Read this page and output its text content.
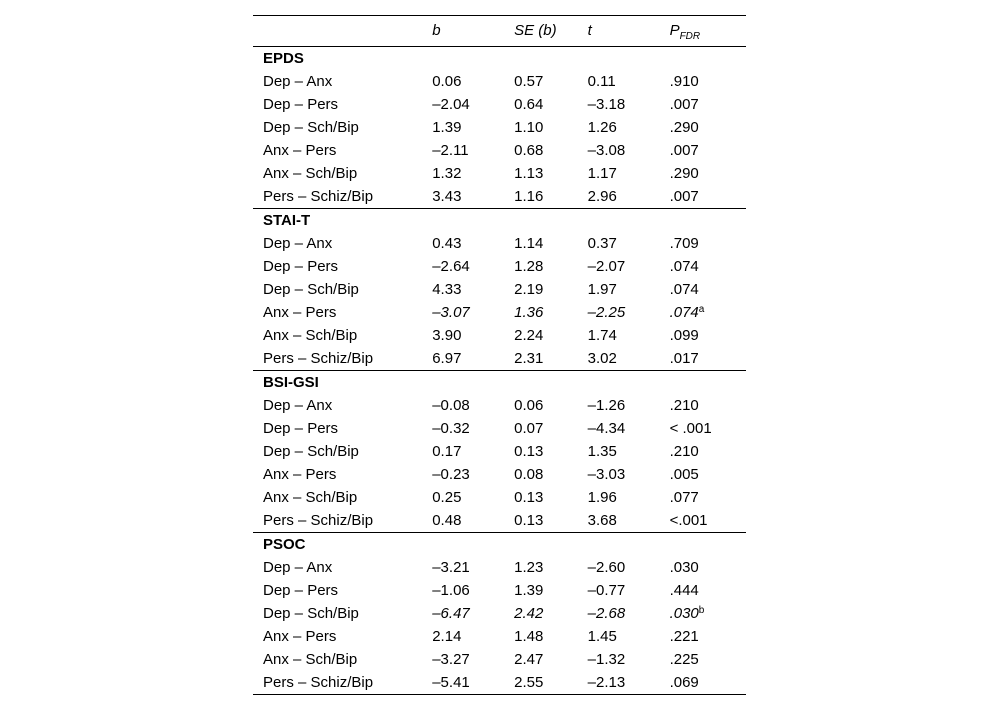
	b	SE (b)	t	$P_{FDR}$
EPDS				
Dep – Anx	0.06	0.57	0.11	.910
Dep – Pers	–2.04	0.64	–3.18	.007
Dep – Sch/Bip	1.39	1.10	1.26	.290
Anx – Pers	–2.11	0.68	–3.08	.007
Anx – Sch/Bip	1.32	1.13	1.17	.290
Pers – Schiz/Bip	3.43	1.16	2.96	.007
STAI-T				
Dep – Anx	0.43	1.14	0.37	.709
Dep – Pers	–2.64	1.28	–2.07	.074
Dep – Sch/Bip	4.33	2.19	1.97	.074
Anx – Pers	–3.07	1.36	–2.25	.074$^a$
Anx – Sch/Bip	3.90	2.24	1.74	.099
Pers – Schiz/Bip	6.97	2.31	3.02	.017
BSI-GSI				
Dep – Anx	–0.08	0.06	–1.26	.210
Dep – Pers	–0.32	0.07	–4.34	< .001
Dep – Sch/Bip	0.17	0.13	1.35	.210
Anx – Pers	–0.23	0.08	–3.03	.005
Anx – Sch/Bip	0.25	0.13	1.96	.077
Pers – Schiz/Bip	0.48	0.13	3.68	<.001
PSOC				
Dep – Anx	–3.21	1.23	–2.60	.030
Dep – Pers	–1.06	1.39	–0.77	.444
Dep – Sch/Bip	–6.47	2.42	–2.68	.030$^b$
Anx – Pers	2.14	1.48	1.45	.221
Anx – Sch/Bip	–3.27	2.47	–1.32	.225
Pers – Schiz/Bip	–5.41	2.55	–2.13	.069
